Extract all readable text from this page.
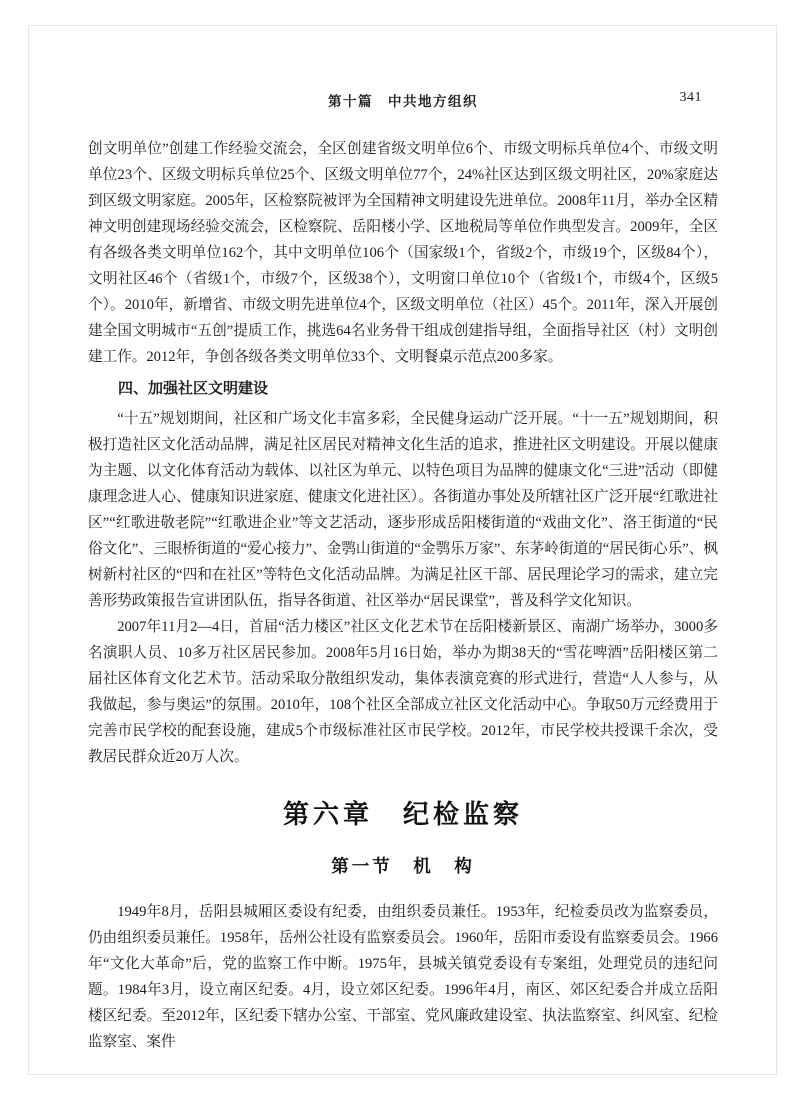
第十篇　中共地方组织	341

创文明单位”创建工作经验交流会，全区创建省级文明单位6个、市级文明标兵单位4个、市级文明单位23个、区级文明标兵单位25个、区级文明单位77个，24%社区达到区级文明社区，20%家庭达到区级文明家庭。2005年，区检察院被评为全国精神文明建设先进单位。2008年11月，举办全区精神文明创建现场经验交流会，区检察院、岳阳楼小学、区地税局等单位作典型发言。2009年，全区有各级各类文明单位162个，其中文明单位106个（国家级1个，省级2个，市级19个，区级84个），文明社区46个（省级1个，市级7个，区级38个），文明窗口单位10个（省级1个，市级4个，区级5个）。2010年，新增省、市级文明先进单位4个，区级文明单位（社区）45个。2011年，深入开展创建全国文明城市“五创”提质工作，挑选64名业务骨干组成创建指导组，全面指导社区（村）文明创建工作。2012年，争创各级各类文明单位33个、文明餐桌示范点200多家。

四、加强社区文明建设

“十五”规划期间，社区和广场文化丰富多彩，全民健身运动广泛开展。“十一五”规划期间，积极打造社区文化活动品牌，满足社区居民对精神文化生活的追求，推进社区文明建设。开展以健康为主题、以文化体育活动为载体、以社区为单元、以特色项目为品牌的健康文化“三进”活动（即健康理念进人心、健康知识进家庭、健康文化进社区）。各街道办事处及所辖社区广泛开展“红歌进社区”“红歌进敬老院”“红歌进企业”等文艺活动，逐步形成岳阳楼街道的“戏曲文化”、洛王街道的“民俗文化”、三眼桥街道的“爱心接力”、金鹗山街道的“金鹗乐万家”、东茅岭街道的“居民街心乐”、枫树新村社区的“四和在社区”等特色文化活动品牌。为满足社区干部、居民理论学习的需求，建立完善形势政策报告宣讲团队伍，指导各街道、社区举办“居民课堂”，普及科学文化知识。

2007年11月2—4日，首届“活力楼区”社区文化艺术节在岳阳楼新景区、南湖广场举办，3000多名演职人员、10多万社区居民参加。2008年5月16日始，举办为期38天的“雪花啤酒”岳阳楼区第二届社区体育文化艺术节。活动采取分散组织发动，集体表演竞赛的形式进行，营造“人人参与，从我做起，参与奥运”的氛围。2010年，108个社区全部成立社区文化活动中心。争取50万元经费用于完善市民学校的配套设施，建成5个市级标准社区市民学校。2012年，市民学校共授课千余次，受教居民群众近20万人次。

第六章　纪检监察
第一节　机　构

1949年8月，岳阳县城厢区委设有纪委，由组织委员兼任。1953年，纪检委员改为监察委员，仍由组织委员兼任。1958年，岳州公社设有监察委员会。1960年，岳阳市委设有监察委员会。1966年“文化大革命”后，党的监察工作中断。1975年，县城关镇党委设有专案组，处理党员的违纪问题。1984年3月，设立南区纪委。4月，设立郊区纪委。1996年4月，南区、郊区纪委合并成立岳阳楼区纪委。至2012年，区纪委下辖办公室、干部室、党风廉政建设室、执法监察室、纠风室、纪检监察室、案件
